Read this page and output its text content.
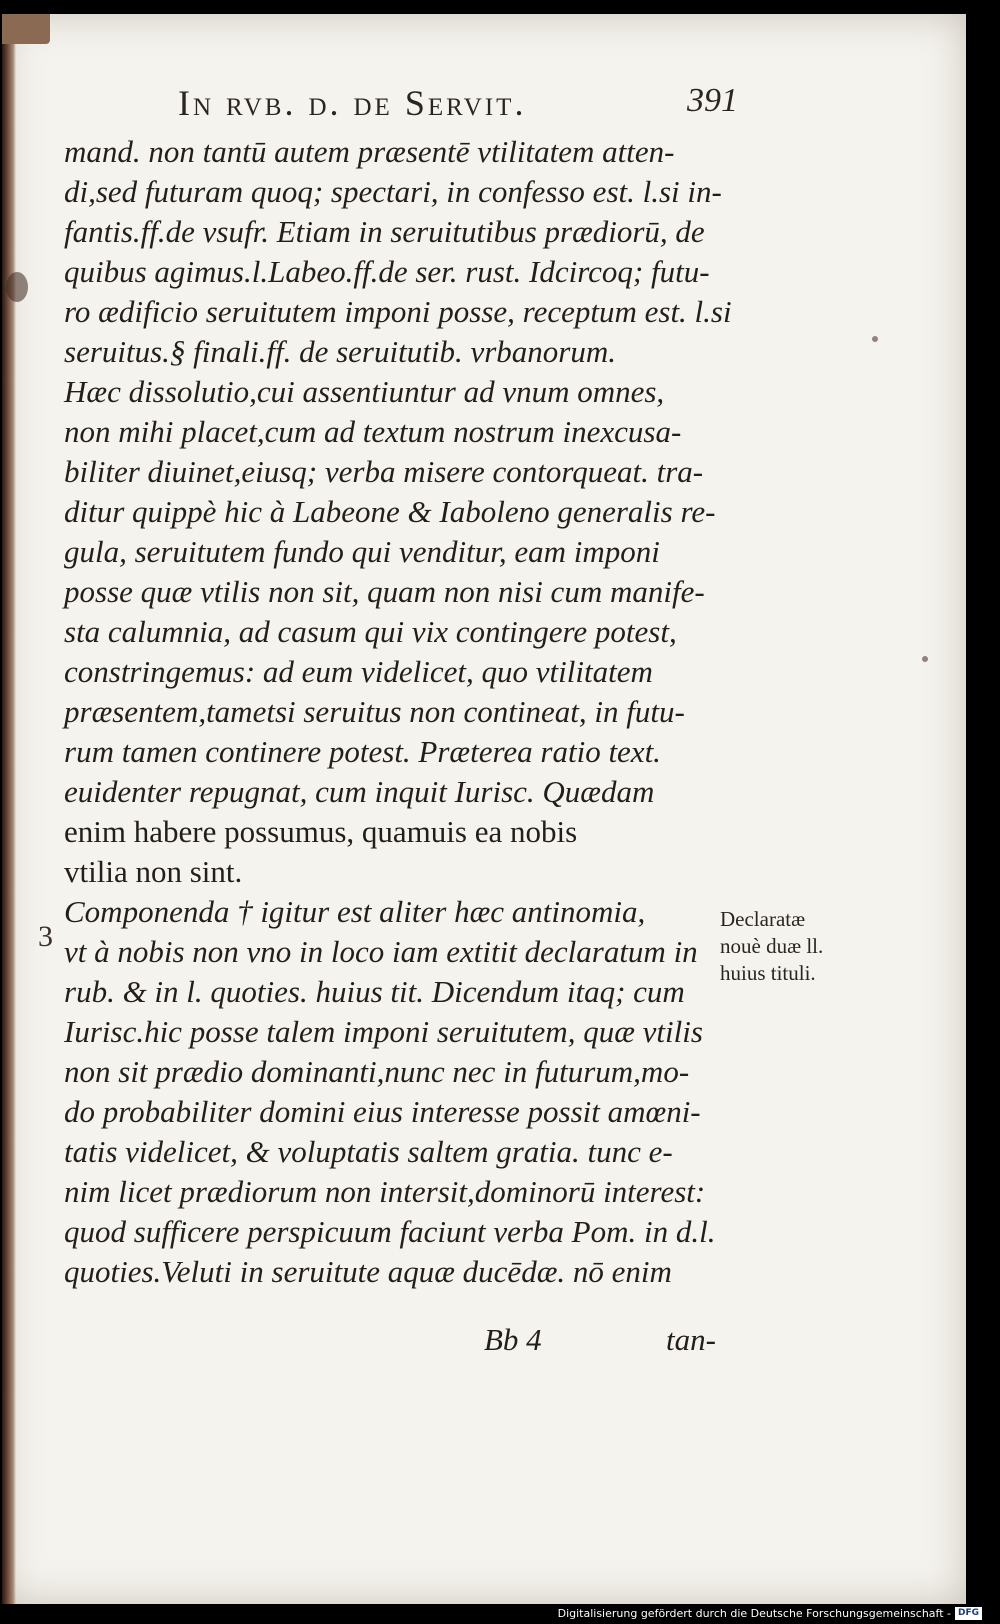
In rvb. d. de Servit.	391
mand. non tantū autem præsentē vtilitatem atten-
di,sed futuram quoq; spectari, in confesso est. l.si in-
fantis.ff.de vsufr. Etiam in seruitutibus prædiorū, de
quibus agimus.l.Labeo.ff.de ser. rust. Idcircoq; futu-
ro ædificio seruitutem imponi posse, receptum est. l.si
seruitus.§ finali.ff. de seruitutib. vrbanorum.
Hæc dissolutio,cui assentiuntur ad vnum omnes,
non mihi placet,cum ad textum nostrum inexcusa-
biliter diuinet,eiusq; verba misere contorqueat. tra-
ditur quippè hic à Labeone & Iaboleno generalis re-
gula, seruitutem fundo qui venditur, eam imponi
posse quæ vtilis non sit, quam non nisi cum manife-
sta calumnia, ad casum qui vix contingere potest,
constringemus: ad eum videlicet, quo vtilitatem
præsentem,tametsi seruitus non contineat, in futu-
rum tamen continere potest. Præterea ratio text.
euidenter repugnat, cum inquit Iurisc. Quædam
enim habere possumus, quamuis ea nobis
vtilia non sint.
Componenda † igitur est aliter hæc antinomia,
vt à nobis non vno in loco iam extitit declaratum in
rub. & in l. quoties. huius tit. Dicendum itaq; cum
Iurisc.hic posse talem imponi seruitutem, quæ vtilis
non sit prædio dominanti,nunc nec in futurum,mo-
do probabiliter domini eius interesse possit amœni-
tatis videlicet, & voluptatis saltem gratia. tunc e-
nim licet prædiorum non intersit,dominorū interest:
quod sufficere perspicuum faciunt verba Pom. in d.l.
quoties.Veluti in seruitute aquæ ducēdæ. nō enim
3
Declaratæ
nouè duæ ll.
huius tituli.
Bb 4	tan-
Digitalisierung gefördert durch die Deutsche Forschungsgemeinschaft - DFG
